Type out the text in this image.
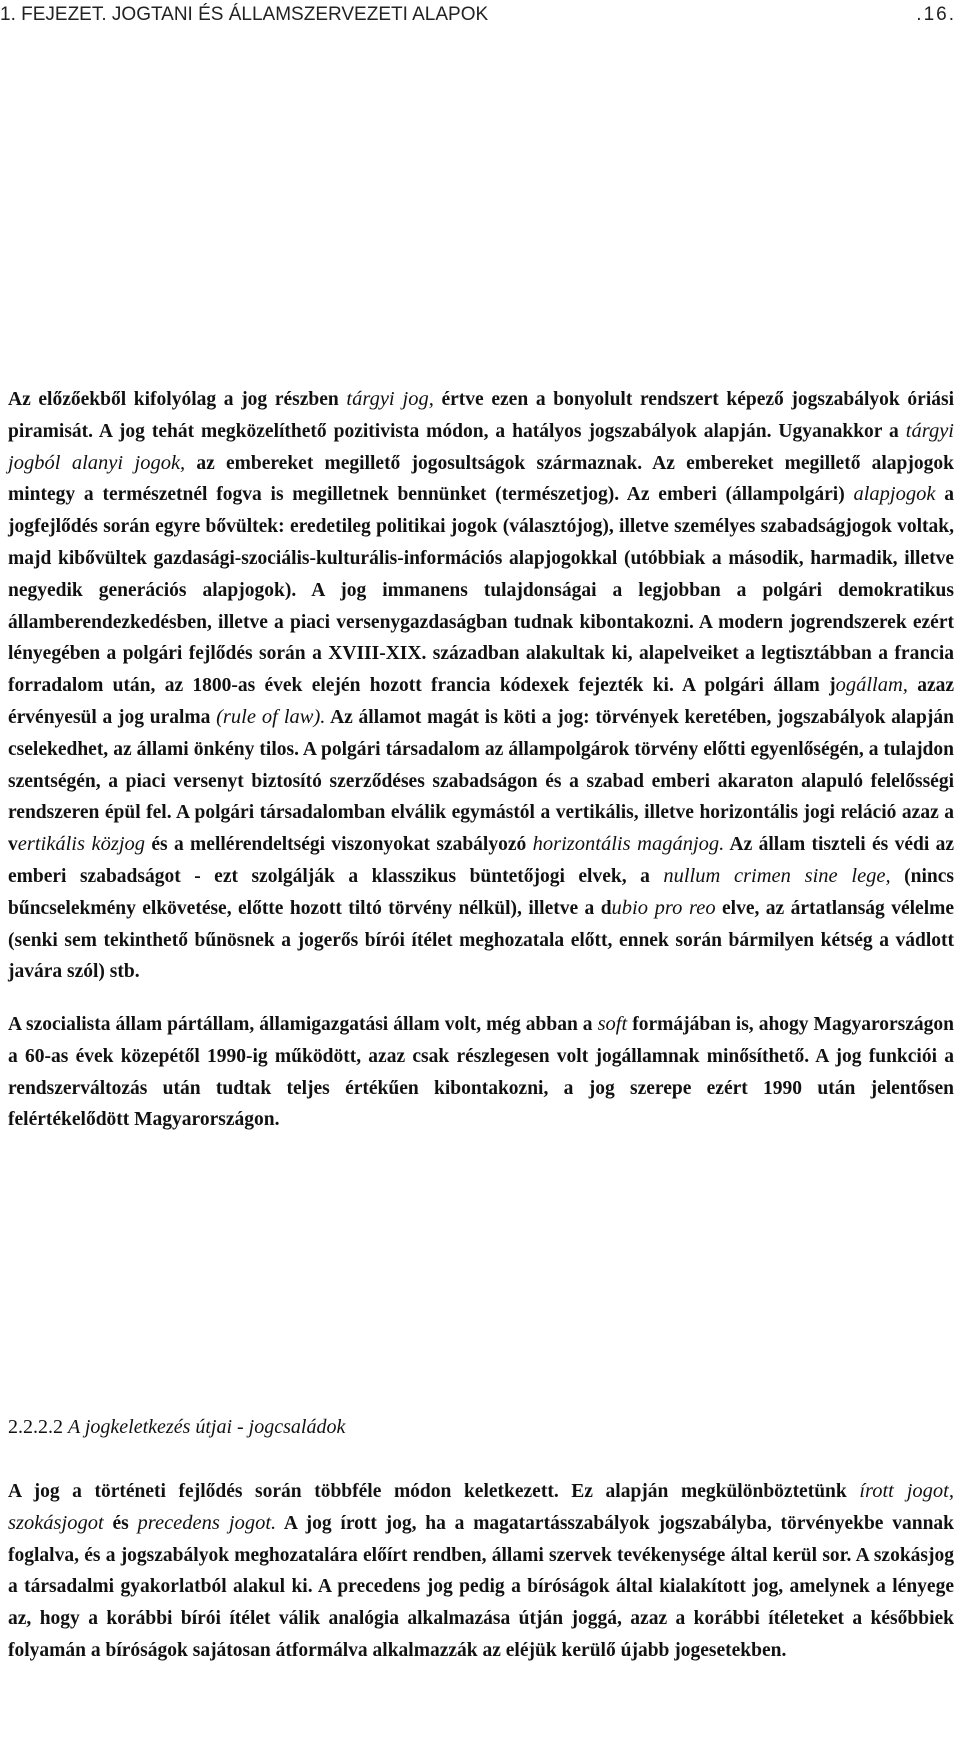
1. FEJEZET. JOGTANI ÉS ÁLLAMSZERVEZETI ALAPOK	.16.

Az előzőekből kifolyólag a jog részben tárgyi jog, értve ezen a bonyolult rendszert képező jogszabályok óriási piramisát. A jog tehát megközelíthető pozitivista módon, a hatályos jogszabályok alapján. Ugyanakkor a tárgyi jogból alanyi jogok, az embereket megillető jogosultságok származnak. Az embereket megillető alapjogok mintegy a természetnél fogva is megilletnek bennünket (természetjog). Az emberi (állampolgári) alapjogok a jogfejlődés során egyre bővültek: eredetileg politikai jogok (választójog), illetve személyes szabadságjogok voltak, majd kibővültek gazdasági-szociális-kulturális-információs alapjogokkal (utóbbiak a második, harmadik, illetve negyedik generációs alapjogok). A jog immanens tulajdonságai a legjobban a polgári demokratikus államberendezkedésben, illetve a piaci versenygazdaságban tudnak kibontakozni. A modern jogrendszerek ezért lényegében a polgári fejlődés során a XVIII-XIX. században alakultak ki, alapelveiket a legtisztábban a francia forradalom után, az 1800-as évek elején hozott francia kódexek fejezték ki. A polgári állam jogállam, azaz érvényesül a jog uralma (rule of law). Az államot magát is köti a jog: törvények keretében, jogszabályok alapján cselekedhet, az állami önkény tilos. A polgári társadalom az állampolgárok törvény előtti egyenlőségén, a tulajdon szentségén, a piaci versenyt biztosító szerződéses szabadságon és a szabad emberi akaraton alapuló felelősségi rendszeren épül fel. A polgári társadalomban elválik egymástól a vertikális, illetve horizontális jogi reláció azaz a vertikális közjog és a mellérendeltségi viszonyokat szabályozó horizontális magánjog. Az állam tiszteli és védi az emberi szabadságot - ezt szolgálják a klasszikus büntetőjogi elvek, a nullum crimen sine lege, (nincs bűncselekmény elkövetése, előtte hozott tiltó törvény nélkül), illetve a dubio pro reo elve, az ártatlanság vélelme (senki sem tekinthető bűnösnek a jogerős bírói ítélet meghozatala előtt, ennek során bármilyen kétség a vádlott javára szól) stb.

A szocialista állam pártállam, államigazgatási állam volt, még abban a soft formájában is, ahogy Magyarországon a 60-as évek közepétől 1990-ig működött, azaz csak részlegesen volt jogállamnak minősíthető. A jog funkciói a rendszerváltozás után tudtak teljes értékűen kibontakozni, a jog szerepe ezért 1990 után jelentősen felértékelődött Magyarországon.

2.2.2.2 A jogkeletkezés útjai - jogcsaládok

A jog a történeti fejlődés során többféle módon keletkezett. Ez alapján megkülönböztetünk írott jogot, szokásjogot és precedens jogot. A jog írott jog, ha a magatartásszabályok jogszabályba, törvényekbe vannak foglalva, és a jogszabályok meghozatalára előírt rendben, állami szervek tevékenysége által kerül sor. A szokásjog a társadalmi gyakorlatból alakul ki. A precedens jog pedig a bíróságok által kialakított jog, amelynek a lényege az, hogy a korábbi bírói ítélet válik analógia alkalmazása útján joggá, azaz a korábbi ítéleteket a későbbiek folyamán a bíróságok sajátosan átformálva alkalmazzák az eléjük kerülő újabb jogesetekben.
